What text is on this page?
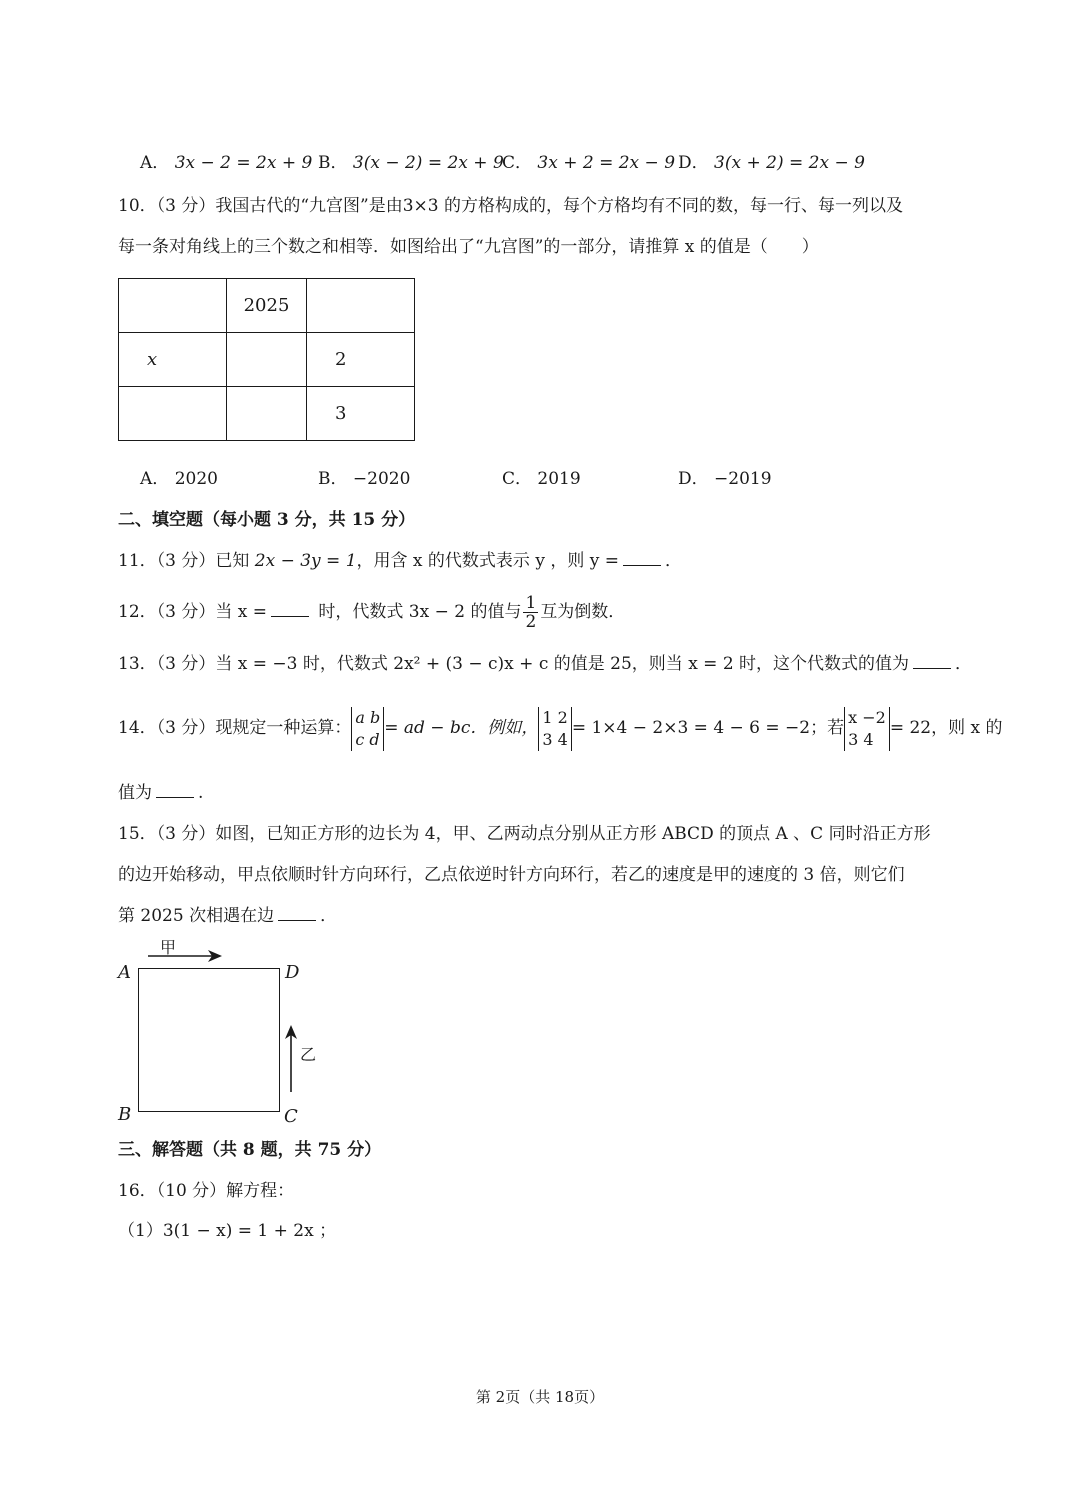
A． 3x − 2 = 2x + 9 B． 3(x − 2) = 2x + 9
C． 3x + 2 = 2x − 9 D． 3(x + 2) = 2x − 9
10．（3 分）我国古代的“九宫图”是由3×3 的方格构成的，每个方格均有不同的数，每一行、每一列以及
每一条对角线上的三个数之和相等．如图给出了“九宫图”的一部分，请推算 x 的值是（　　）
	2025	
x		2
		3
A． 2020	B． −2020	C． 2019	D． −2019
二、填空题（每小题 3 分，共 15 分）
11．（3 分）已知 2x − 3y = 1，用含 x 的代数式表示 y ，则 y =	．
12．（3 分）当 x =	时，代数式 3x − 2 的值与 $\frac{1}{2}$ 互为倒数．
13．（3 分）当 x = −3 时，代数式 2x² + (3 − c)x + c 的值是 25，则当 x = 2 时，这个代数式的值为	．
14．（3 分）现规定一种运算：
a b
c d
= ad − bc．例如，
1 2
3 4
= 1×4 − 2×3 = 4 − 6 = −2；若
x −2
3 4
= 22，则 x 的
值为	.
15．（3 分）如图，已知正方形的边长为 4，甲、乙两动点分别从正方形 ABCD 的顶点 A 、C 同时沿正方形
的边开始移动，甲点依顺时针方向环行，乙点依逆时针方向环行，若乙的速度是甲的速度的 3 倍，则它们
第 2025 次相遇在边	．
A	D
B	C
甲
乙
三、解答题（共 8 题，共 75 分）
16．（10 分）解方程：
（1）3(1 − x) = 1 + 2x ；
第 2页（共 18页）
